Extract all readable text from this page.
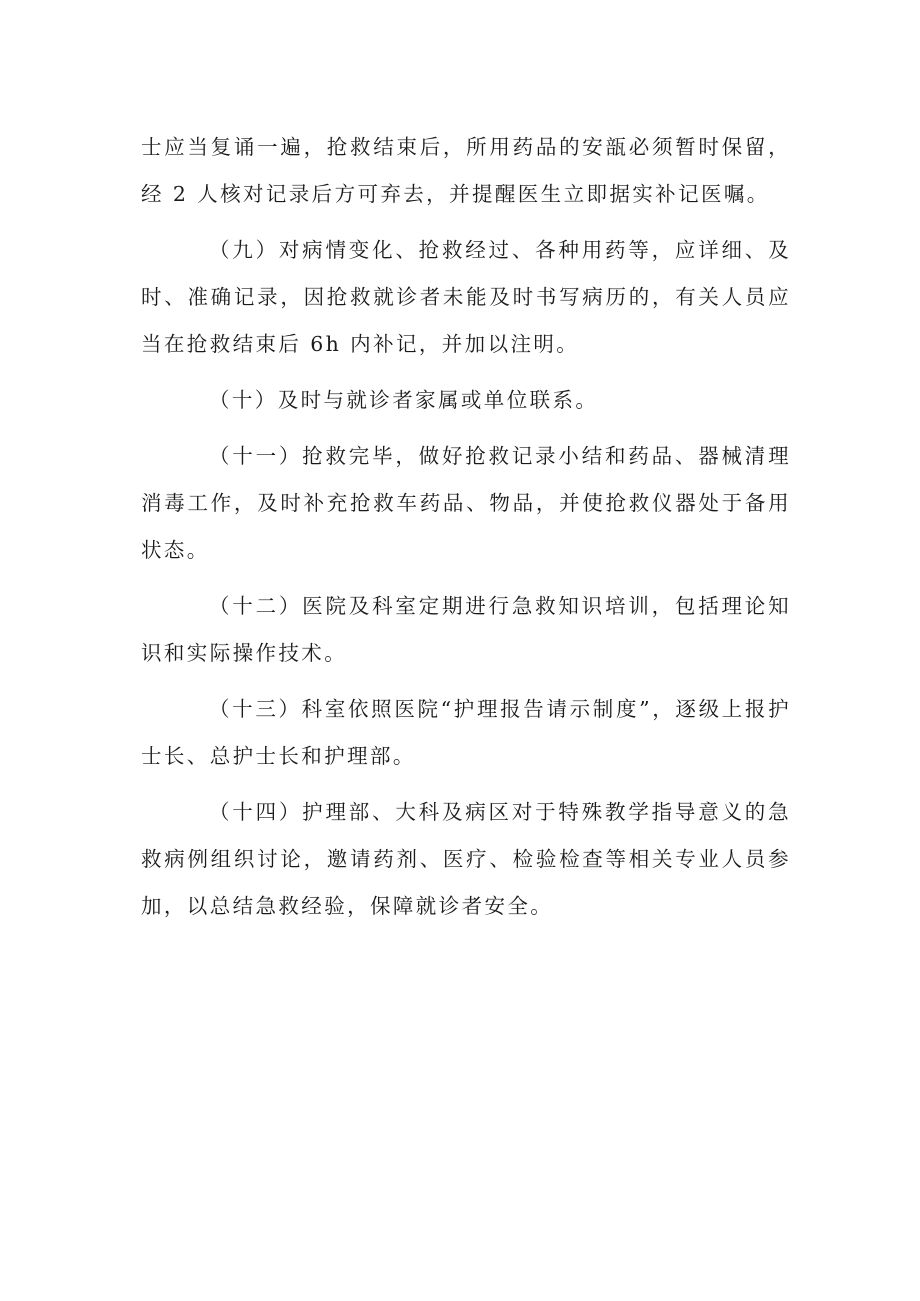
士应当复诵一遍，抢救结束后，所用药品的安瓿必须暂时保留，经 2 人核对记录后方可弃去，并提醒医生立即据实补记医嘱。

（九）对病情变化、抢救经过、各种用药等，应详细、及时、准确记录，因抢救就诊者未能及时书写病历的，有关人员应当在抢救结束后 6h 内补记，并加以注明。

（十）及时与就诊者家属或单位联系。

（十一）抢救完毕，做好抢救记录小结和药品、器械清理消毒工作，及时补充抢救车药品、物品，并使抢救仪器处于备用状态。

（十二）医院及科室定期进行急救知识培训，包括理论知识和实际操作技术。

（十三）科室依照医院“护理报告请示制度”，逐级上报护士长、总护士长和护理部。

（十四）护理部、大科及病区对于特殊教学指导意义的急救病例组织讨论，邀请药剂、医疗、检验检查等相关专业人员参加，以总结急救经验，保障就诊者安全。
